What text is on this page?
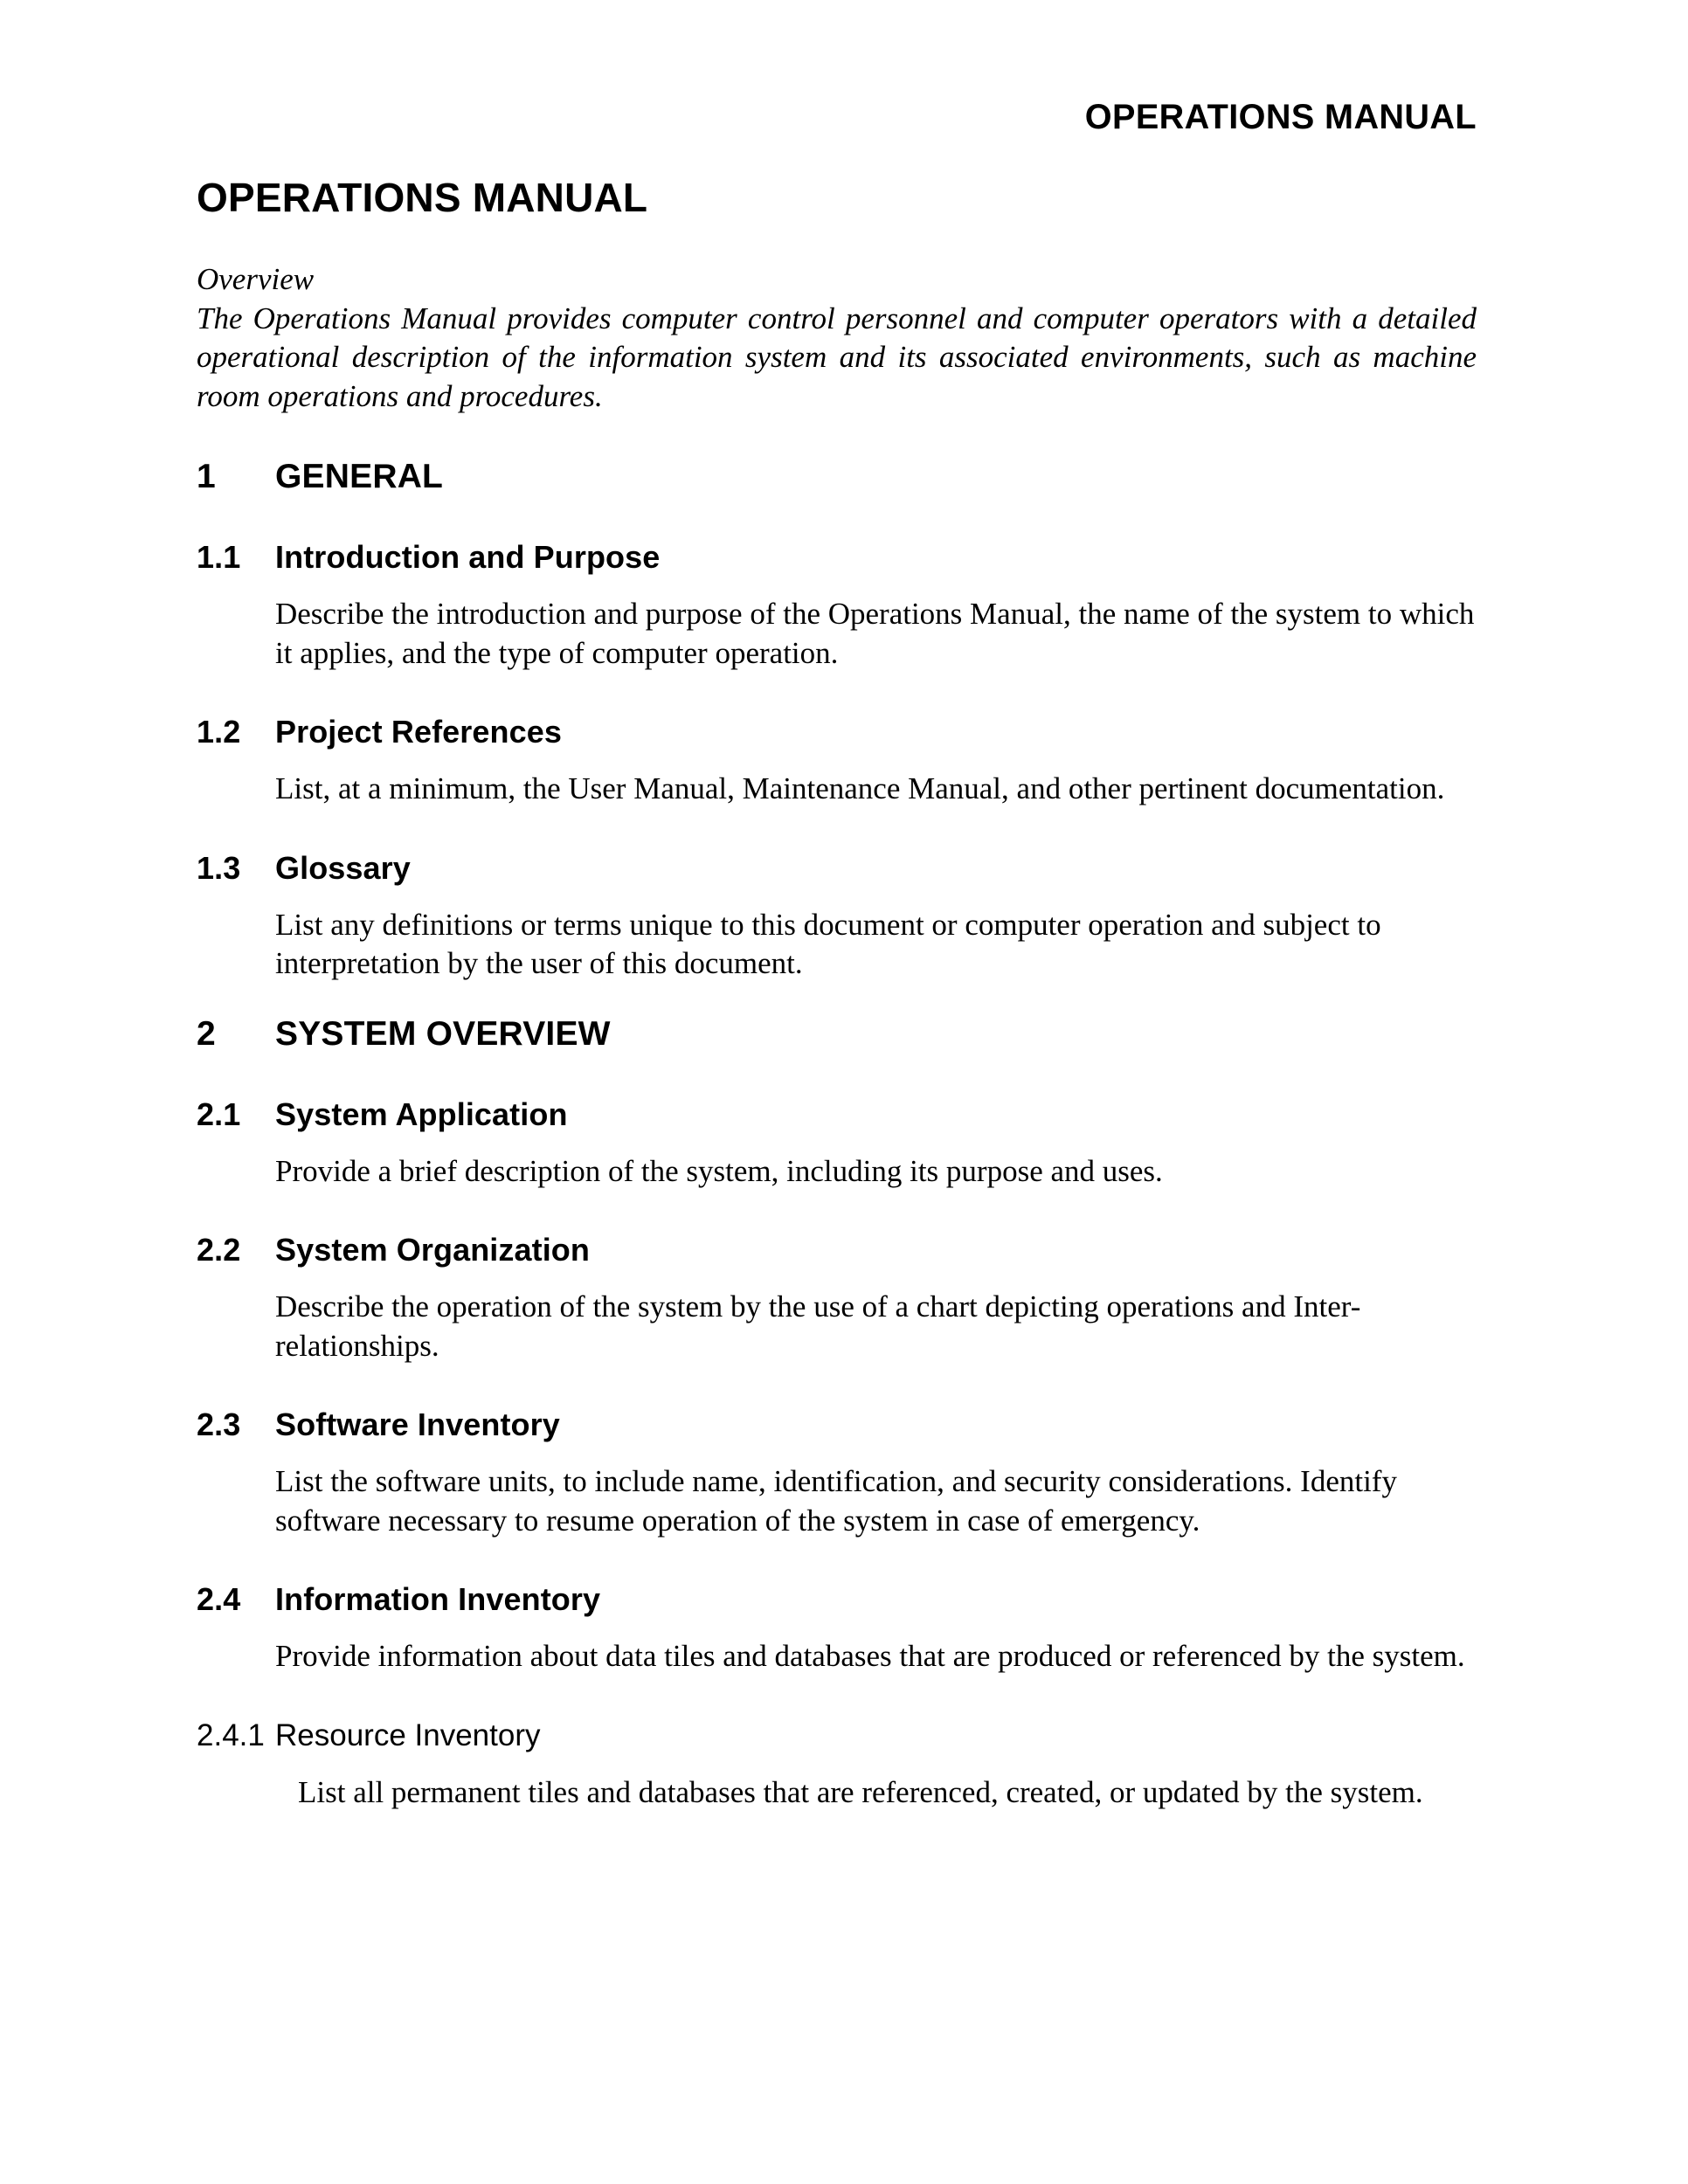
OPERATIONS MANUAL
OPERATIONS MANUAL
Overview
The Operations Manual provides computer control personnel and computer operators with a detailed operational description of the information system and its associated environments, such as machine room operations and procedures.
1	GENERAL
1.1	Introduction and Purpose

Describe the introduction and purpose of the Operations Manual, the name of the system to which it applies, and the type of computer operation.

1.2	Project References

List, at a minimum, the User Manual, Maintenance Manual, and other pertinent documentation.

1.3	Glossary

List any definitions or terms unique to this document or computer operation and subject to interpretation by the user of this document.

2	SYSTEM OVERVIEW
2.1	System Application

Provide a brief description of the system, including its purpose and uses.

2.2	System Organization

Describe the operation of the system by the use of a chart depicting operations and Inter-relationships.

2.3	Software Inventory

List the software units, to include name, identification, and security considerations. Identify software necessary to resume operation of the system in case of emergency.

2.4	Information Inventory

Provide information about data tiles and databases that are produced or referenced by the system.

2.4.1 Resource Inventory

List all permanent tiles and databases that are referenced, created, or updated by the system.
